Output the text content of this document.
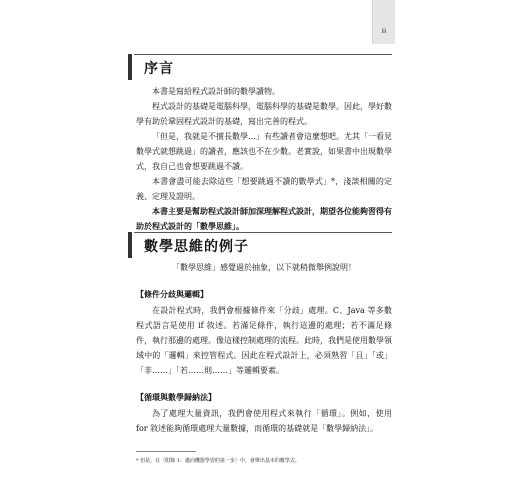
iii
序言

本書是寫給程式設計師的數學讀物。

程式設計的基礎是電腦科學，電腦科學的基礎是數學。因此，學好數學有助於鞏固程式設計的基礎，寫出完善的程式。

「但是，我就是不擅長數學…」有些讀者會這麼想吧。尤其「一看見數學式就想跳過」的讀者，應該也不在少數。老實說，如果書中出現數學式，我自己也會想要跳過不讀。

本書會盡可能去除這些「想要跳過不讀的數學式」*，淺談相關的定義、定理及證明。

本書主要是幫助程式設計師加深理解程式設計，期望各位能夠習得有助於程式設計的「數學思維」。

數學思維的例子

「數學思維」感覺過於抽象，以下就稍微舉例說明！

【條件分歧與邏輯】

在設計程式時，我們會根據條件來「分歧」處理。C、Java 等多數程式語言是使用 if 敘述。若滿足條件，執行這邊的處理；若不滿足條件，執行那邊的處理。像這樣控制處理的流程。此時，我們是使用數學領域中的「邏輯」來控管程式。因此在程式設計上，必須熟習「且」「或」「非……」「若……則……」等邏輯要素。

【循環與數學歸納法】

為了處理大量資訊，我們會使用程式來執行「循環」。例如，使用 for 敘述能夠循環處理大量數據，而循環的基礎就是「數學歸納法」。

* 但是，在〈附錄 1：邁向機器學習的第一步〉中，會舉出基本的數學式。
